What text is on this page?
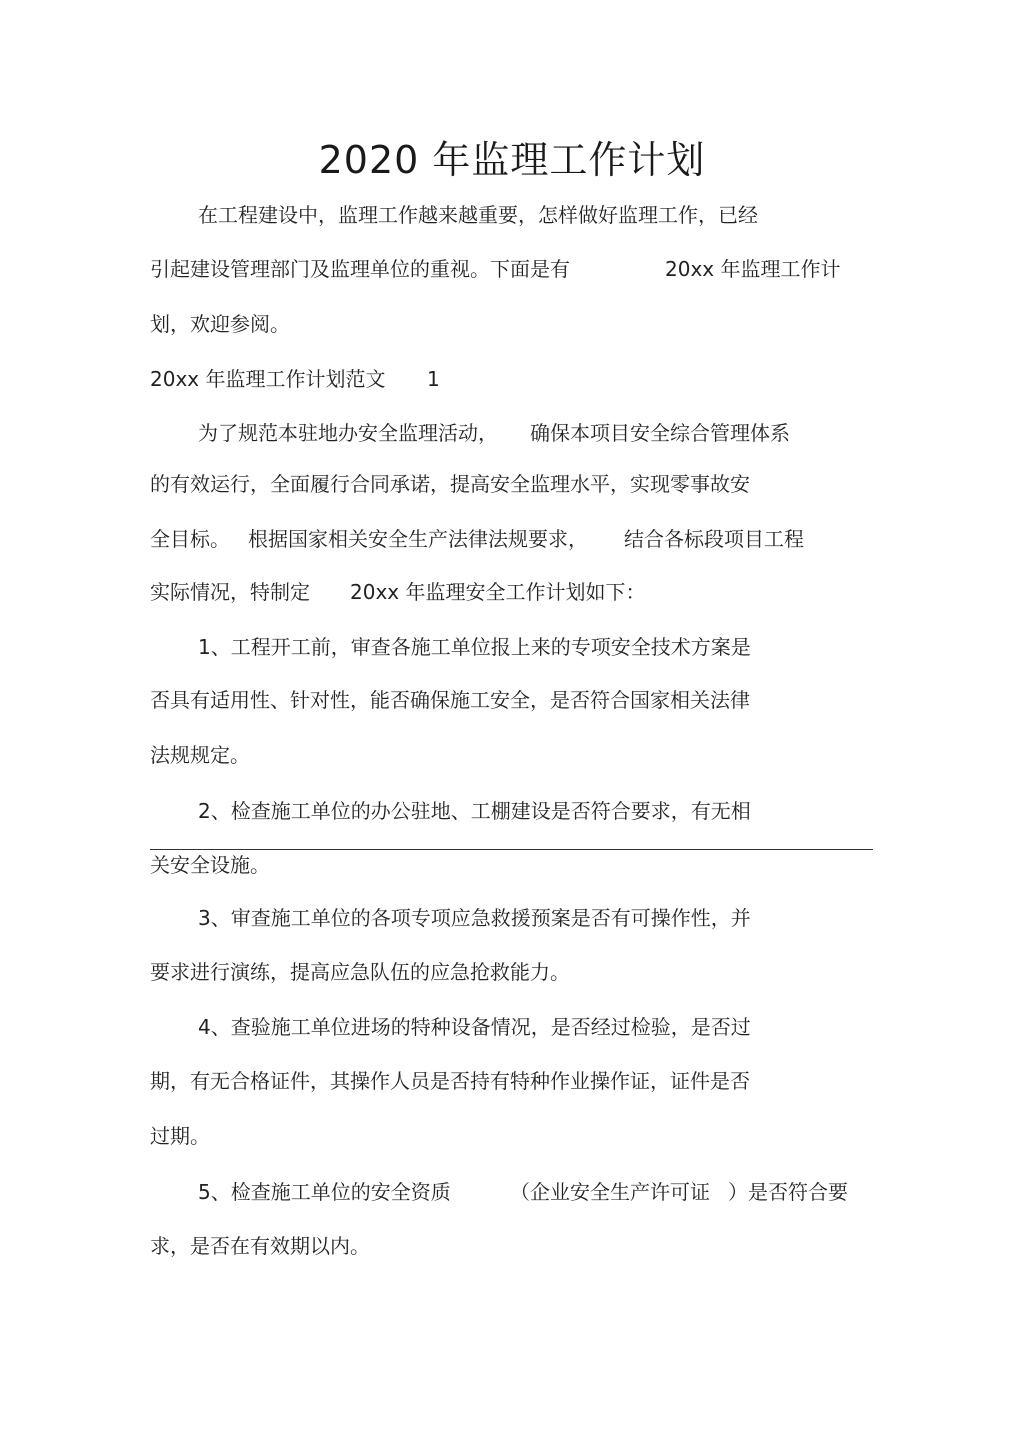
2020 年监理工作计划
在工程建设中，监理工作越来越重要，怎样做好监理工作，已经
引起建设管理部门及监理单位的重视。下面是有	20xx 年监理工作计
划，欢迎参阅。
20xx 年监理工作计划范文 1
为了规范本驻地办安全监理活动， 确保本项目安全综合管理体系
的有效运行，全面履行合同承诺，提高安全监理水平，实现零事故安
全目标。 根据国家相关安全生产法律法规要求， 结合各标段项目工程
实际情况，特制定 20xx 年监理安全工作计划如下：
1、工程开工前，审查各施工单位报上来的专项安全技术方案是
否具有适用性、针对性，能否确保施工安全，是否符合国家相关法律
法规规定。
2、检查施工单位的办公驻地、工棚建设是否符合要求，有无相
关安全设施。
3、审查施工单位的各项专项应急救援预案是否有可操作性，并
要求进行演练，提高应急队伍的应急抢救能力。
4、查验施工单位进场的特种设备情况，是否经过检验，是否过
期，有无合格证件，其操作人员是否持有特种作业操作证，证件是否
过期。
5、检查施工单位的安全资质	（企业安全生产许可证 ）是否符合要
求，是否在有效期以内。
